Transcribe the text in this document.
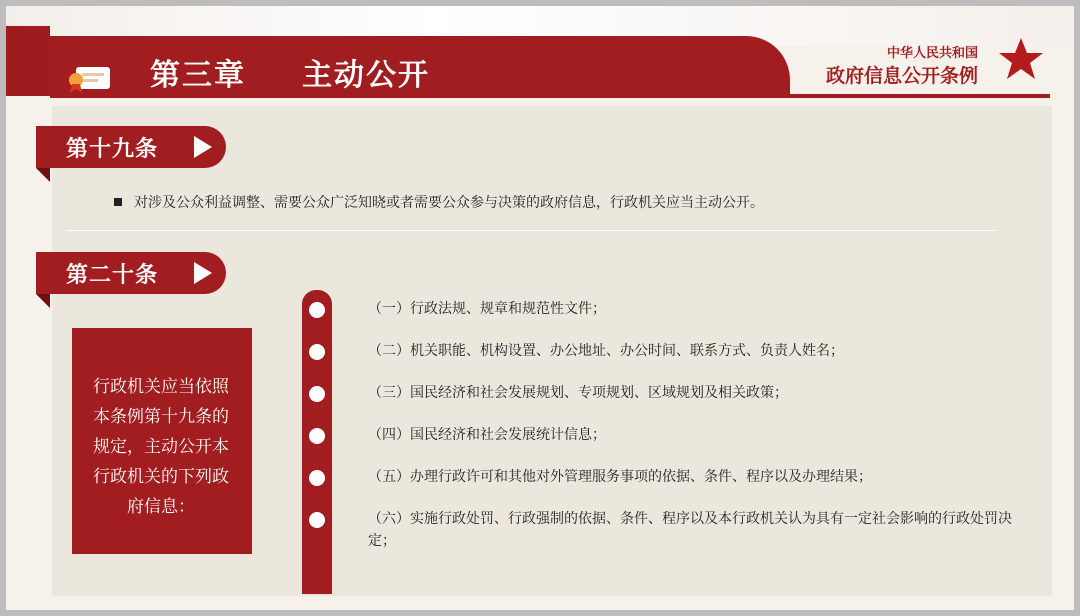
第三章 主动公开
中华人民共和国
政府信息公开条例
第十九条
对涉及公众利益调整、需要公众广泛知晓或者需要公众参与决策的政府信息，行政机关应当主动公开。
第二十条
行政机关应当依照本条例第十九条的规定，主动公开本行政机关的下列政府信息：
（一）行政法规、规章和规范性文件；
（二）机关职能、机构设置、办公地址、办公时间、联系方式、负责人姓名；
（三）国民经济和社会发展规划、专项规划、区域规划及相关政策；
（四）国民经济和社会发展统计信息；
（五）办理行政许可和其他对外管理服务事项的依据、条件、程序以及办理结果；
（六）实施行政处罚、行政强制的依据、条件、程序以及本行政机关认为具有一定社会影响的行政处罚决定；
